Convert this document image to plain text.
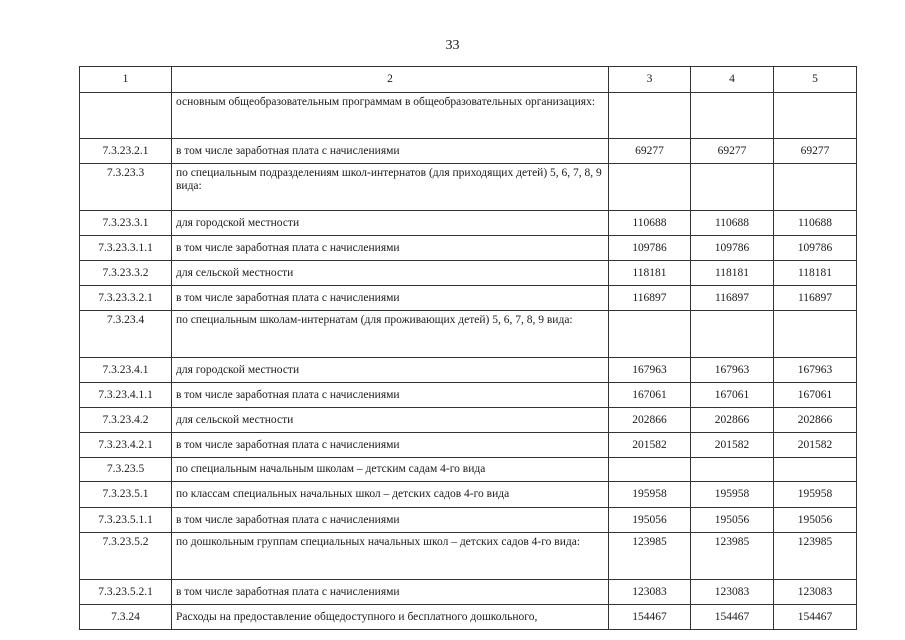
33
1	2	3	4	5
	основным общеобразовательным программам в общеобразовательных организациях:			
7.3.23.2.1	в том числе заработная плата с начислениями	69277	69277	69277
7.3.23.3	по специальным подразделениям школ-интернатов (для приходящих детей) 5, 6, 7, 8, 9 вида:			
7.3.23.3.1	для городской местности	110688	110688	110688
7.3.23.3.1.1	в том числе заработная плата с начислениями	109786	109786	109786
7.3.23.3.2	для сельской местности	118181	118181	118181
7.3.23.3.2.1	в том числе заработная плата с начислениями	116897	116897	116897
7.3.23.4	по специальным школам-интернатам (для проживающих детей) 5, 6, 7, 8, 9 вида:			
7.3.23.4.1	для городской местности	167963	167963	167963
7.3.23.4.1.1	в том числе заработная плата с начислениями	167061	167061	167061
7.3.23.4.2	для сельской местности	202866	202866	202866
7.3.23.4.2.1	в том числе заработная плата с начислениями	201582	201582	201582
7.3.23.5	по специальным начальным школам – детским садам 4-го вида			
7.3.23.5.1	по классам специальных начальных школ – детских садов 4-го вида	195958	195958	195958
7.3.23.5.1.1	в том числе заработная плата с начислениями	195056	195056	195056
7.3.23.5.2	по дошкольным группам специальных начальных школ – детских садов 4-го вида:	123985	123985	123985
7.3.23.5.2.1	в том числе заработная плата с начислениями	123083	123083	123083
7.3.24	Расходы на предоставление общедоступного и бесплатного дошкольного,	154467	154467	154467
